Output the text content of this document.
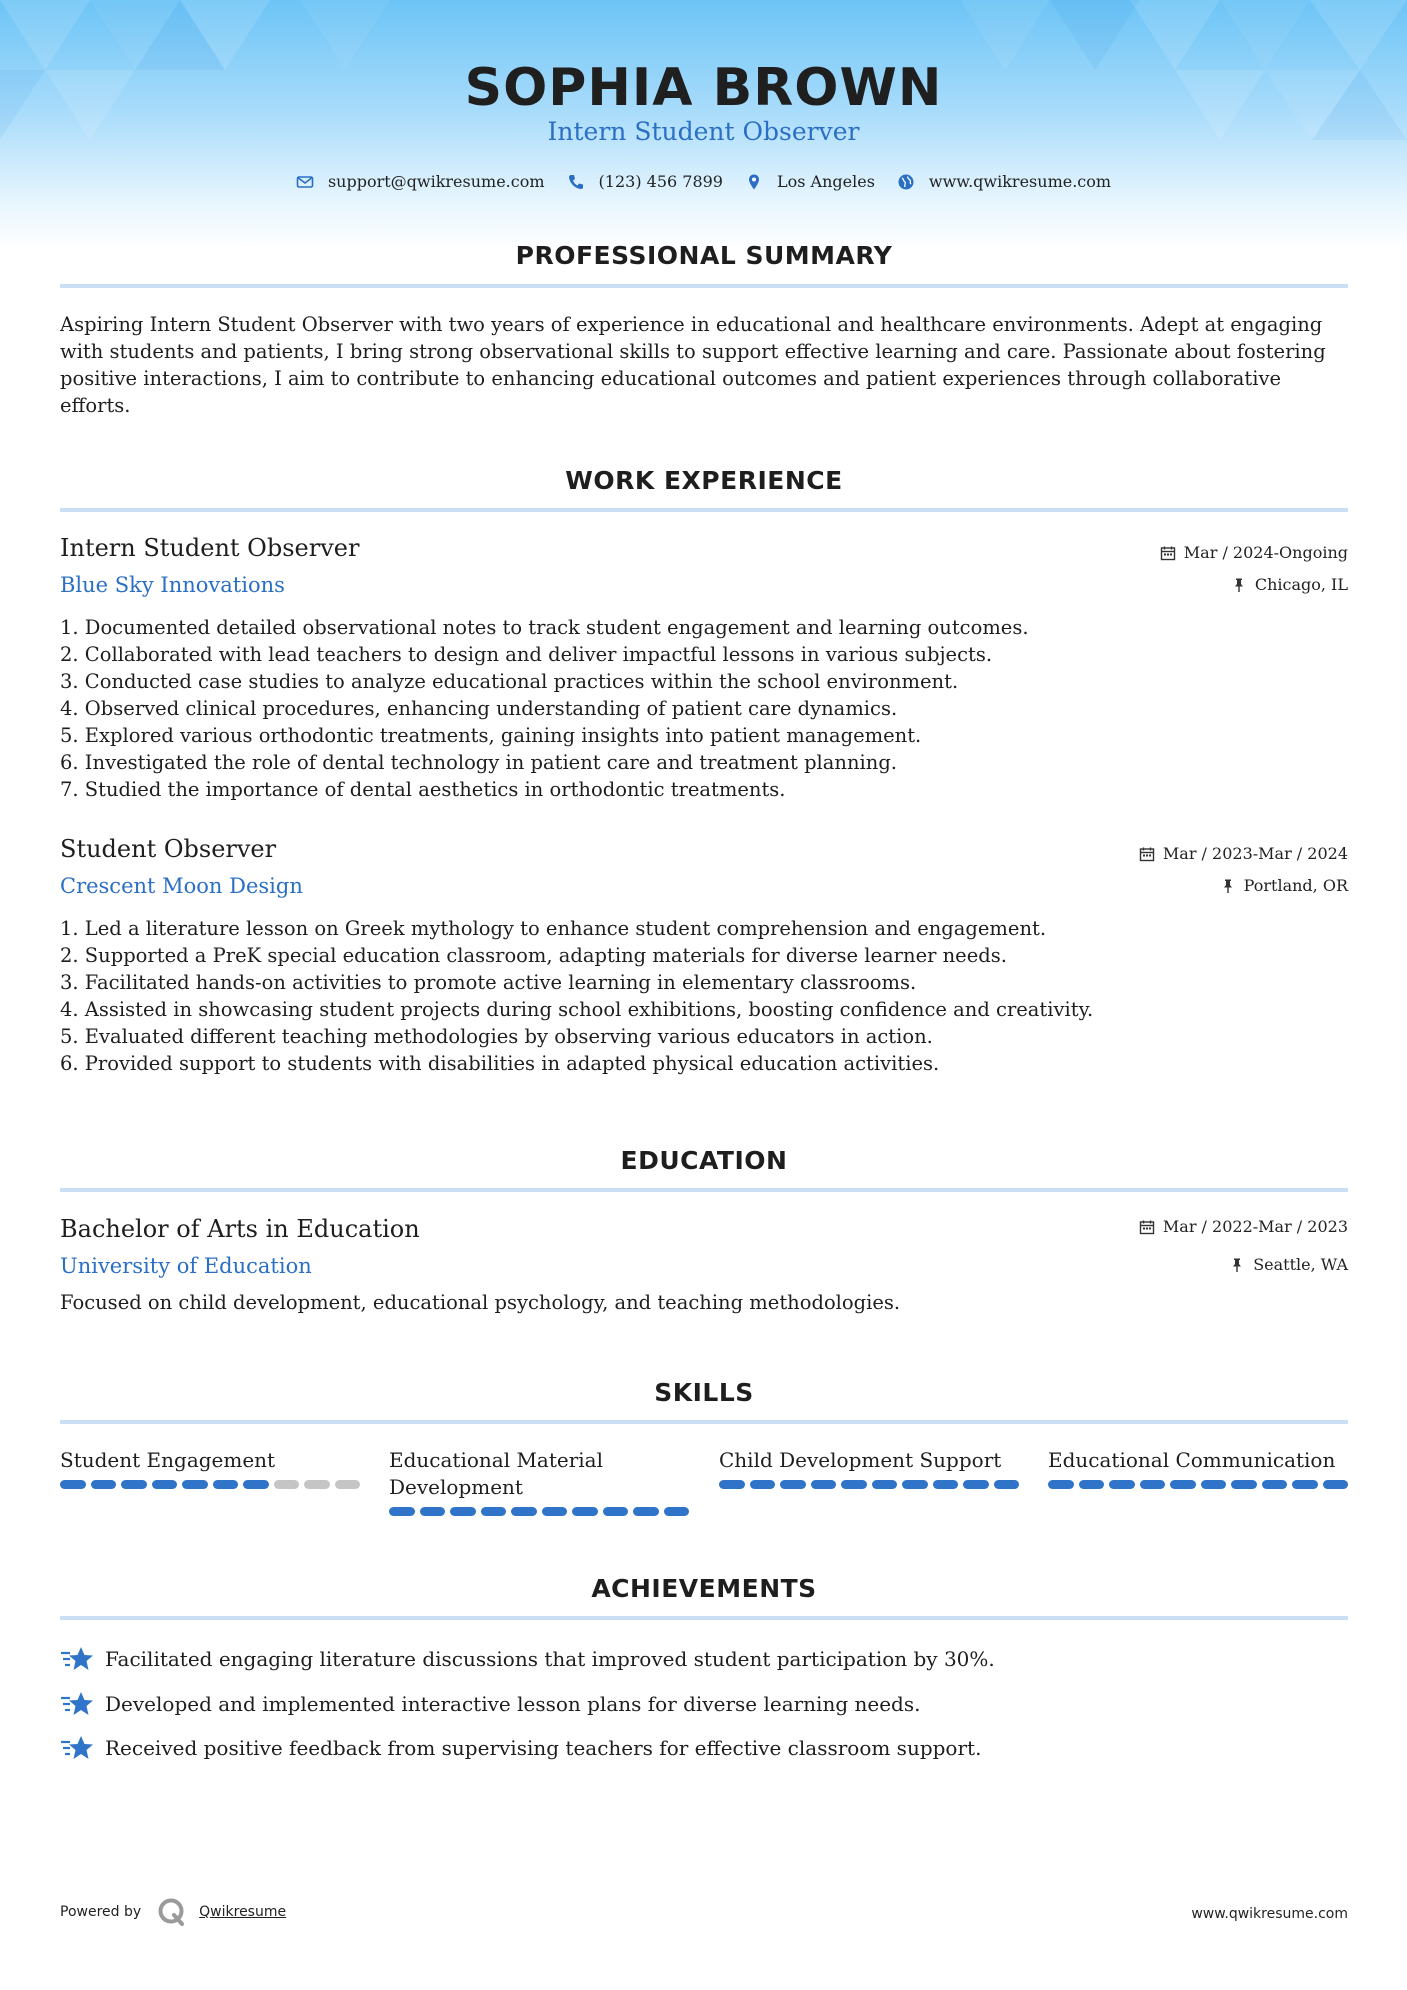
SOPHIA BROWN
Intern Student Observer
support@qwikresume.com	(123) 456 7899	Los Angeles	www.qwikresume.com
PROFESSIONAL SUMMARY
Aspiring Intern Student Observer with two years of experience in educational and healthcare environments. Adept at engaging with students and patients, I bring strong observational skills to support effective learning and care. Passionate about fostering positive interactions, I aim to contribute to enhancing educational outcomes and patient experiences through collaborative efforts.
WORK EXPERIENCE
Intern Student Observer
Blue Sky Innovations
Mar / 2024-Ongoing
Chicago, IL
1. Documented detailed observational notes to track student engagement and learning outcomes.
2. Collaborated with lead teachers to design and deliver impactful lessons in various subjects.
3. Conducted case studies to analyze educational practices within the school environment.
4. Observed clinical procedures, enhancing understanding of patient care dynamics.
5. Explored various orthodontic treatments, gaining insights into patient management.
6. Investigated the role of dental technology in patient care and treatment planning.
7. Studied the importance of dental aesthetics in orthodontic treatments.
Student Observer
Crescent Moon Design
Mar / 2023-Mar / 2024
Portland, OR
1. Led a literature lesson on Greek mythology to enhance student comprehension and engagement.
2. Supported a PreK special education classroom, adapting materials for diverse learner needs.
3. Facilitated hands-on activities to promote active learning in elementary classrooms.
4. Assisted in showcasing student projects during school exhibitions, boosting confidence and creativity.
5. Evaluated different teaching methodologies by observing various educators in action.
6. Provided support to students with disabilities in adapted physical education activities.
EDUCATION
Bachelor of Arts in Education
University of Education
Mar / 2022-Mar / 2023
Seattle, WA
Focused on child development, educational psychology, and teaching methodologies.
SKILLS
Student Engagement	Educational Material Development
Child Development Support	Educational Communication
ACHIEVEMENTS
Facilitated engaging literature discussions that improved student participation by 30%.
Developed and implemented interactive lesson plans for diverse learning needs.
Received positive feedback from supervising teachers for effective classroom support.
Powered by	Qwikresume	www.qwikresume.com
